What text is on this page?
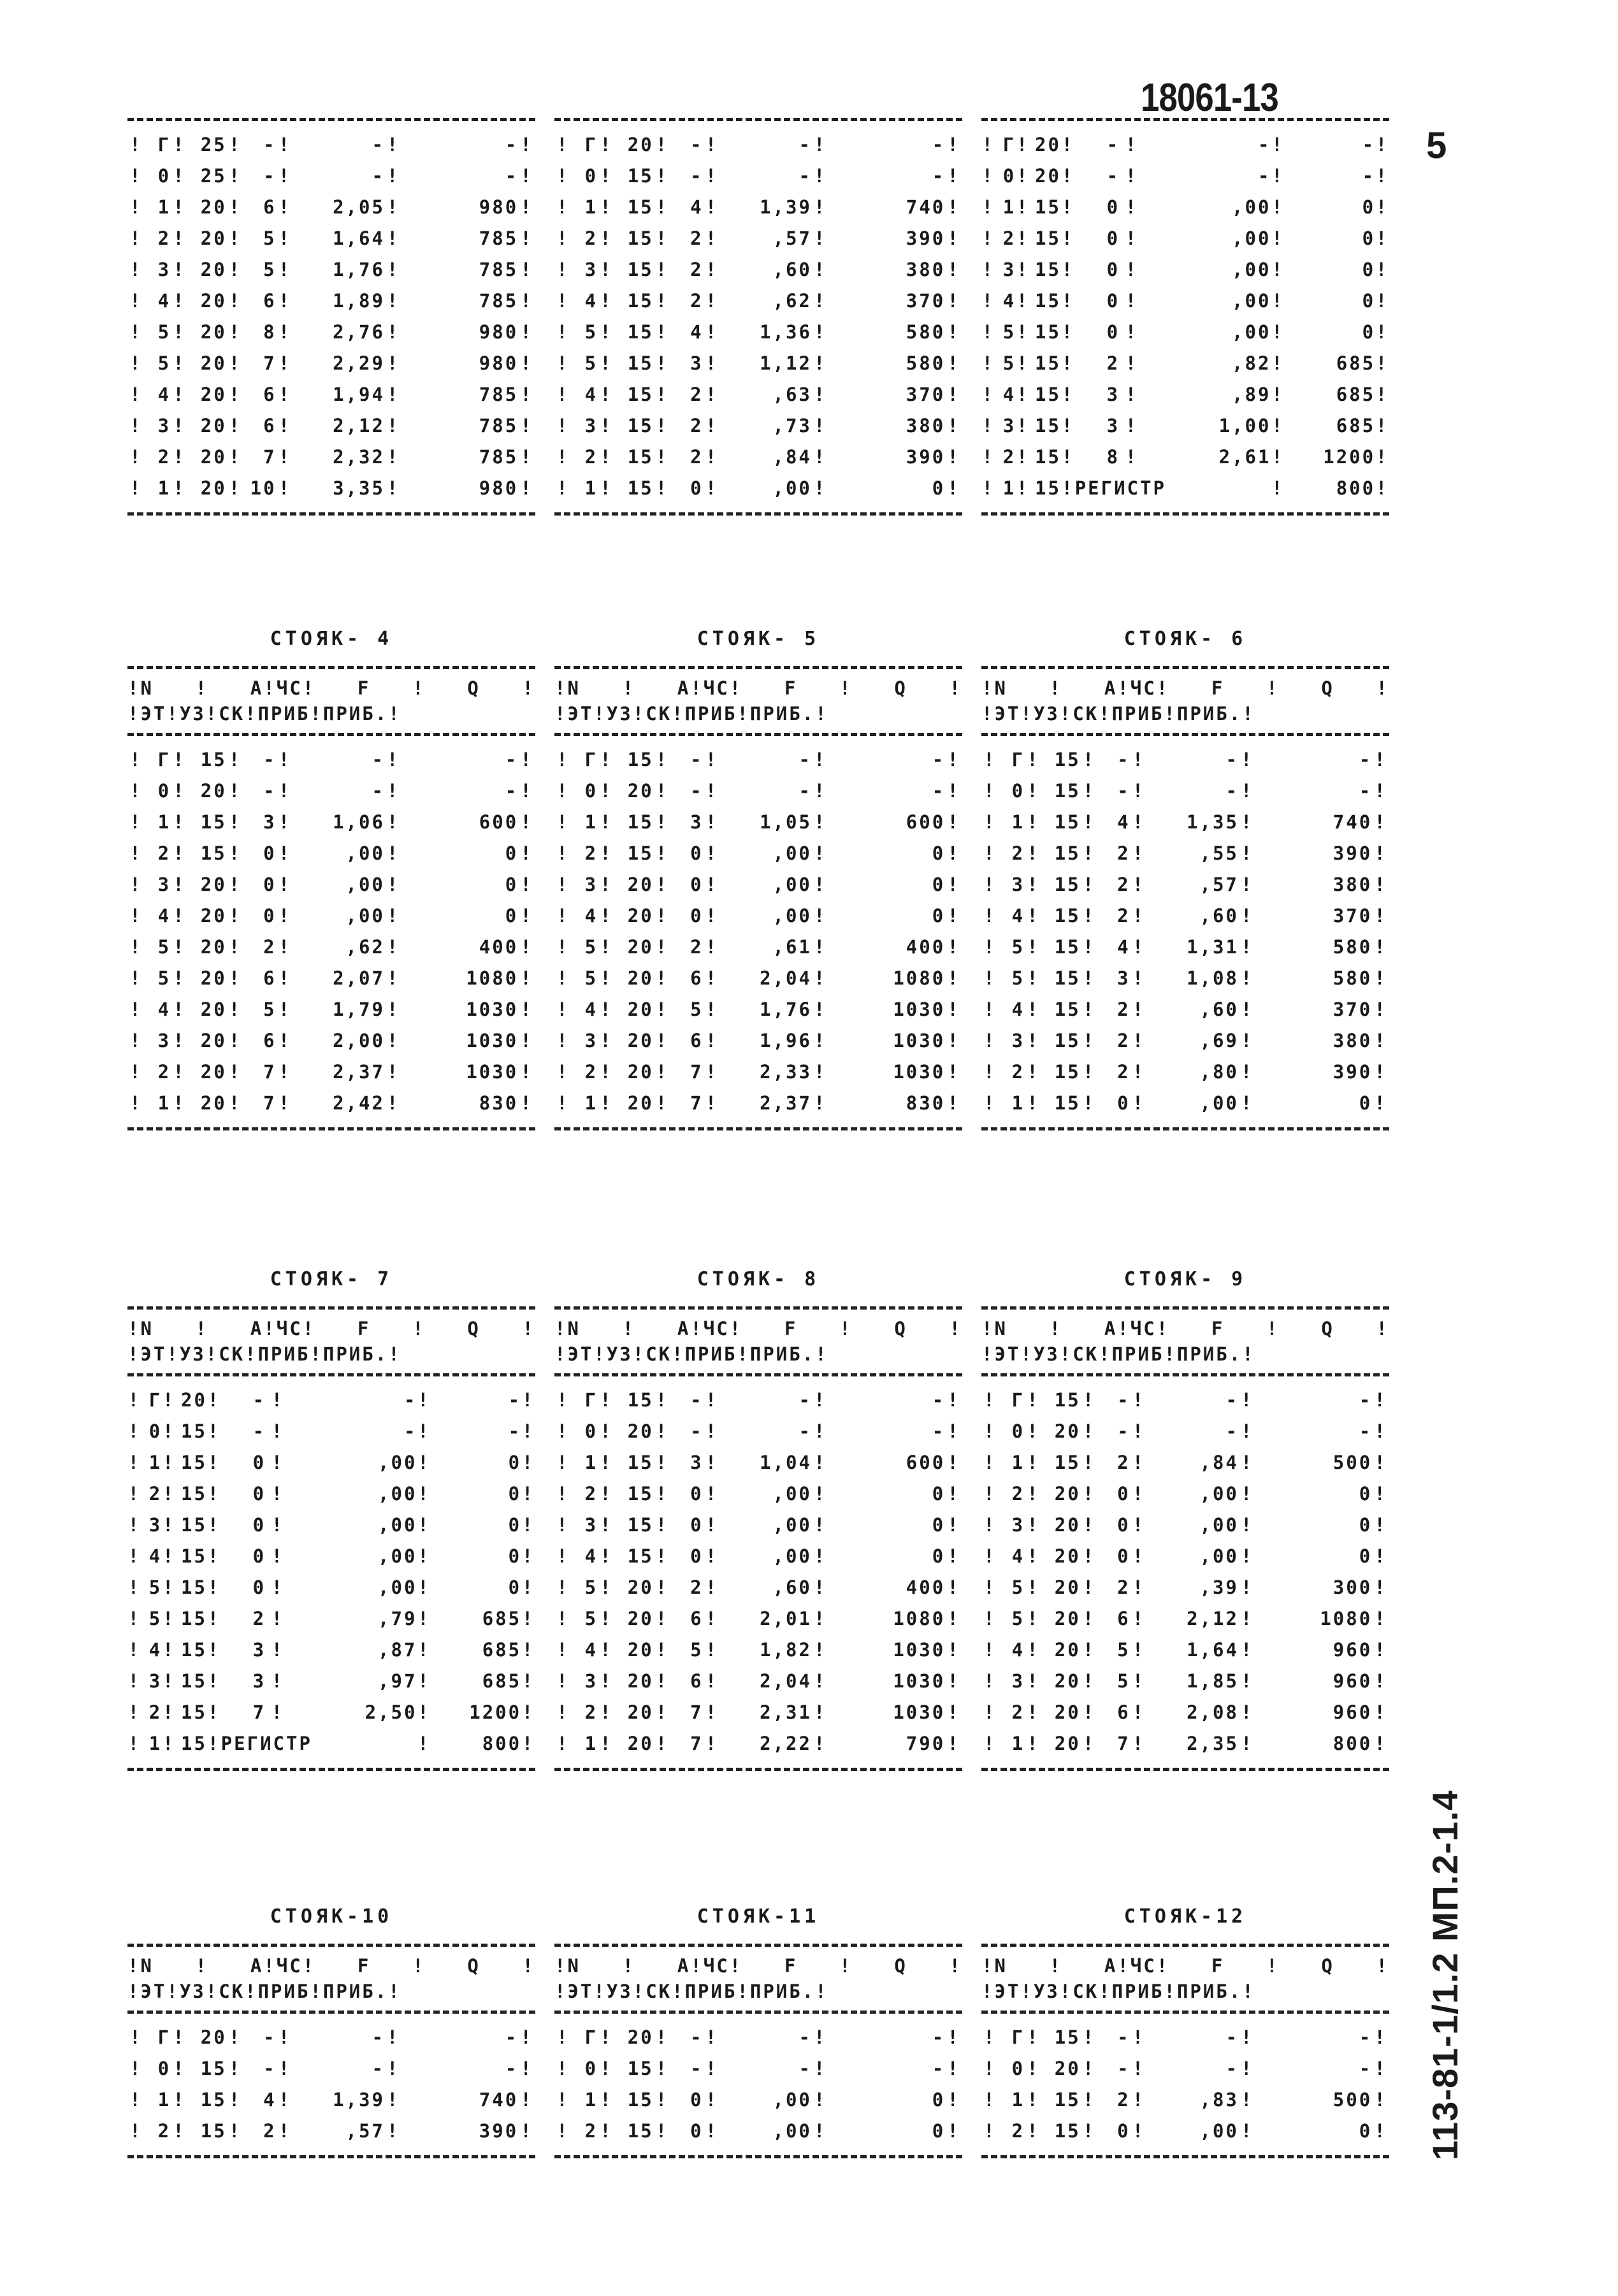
18061-13
5
113-81-1/1.2 МП.2-1.4
!	Г	!	25	!	-	!	-	!	-	!
!	0	!	25	!	-	!	-	!	-	!
!	1	!	20	!	6	!	2,05	!	980	!
!	2	!	20	!	5	!	1,64	!	785	!
!	3	!	20	!	5	!	1,76	!	785	!
!	4	!	20	!	6	!	1,89	!	785	!
!	5	!	20	!	8	!	2,76	!	980	!
!	5	!	20	!	7	!	2,29	!	980	!
!	4	!	20	!	6	!	1,94	!	785	!
!	3	!	20	!	6	!	2,12	!	785	!
!	2	!	20	!	7	!	2,32	!	785	!
!	1	!	20	!	10	!	3,35	!	980	!
!	Г	!	20	!	-	!	-	!	-	!
!	0	!	15	!	-	!	-	!	-	!
!	1	!	15	!	4	!	1,39	!	740	!
!	2	!	15	!	2	!	,57	!	390	!
!	3	!	15	!	2	!	,60	!	380	!
!	4	!	15	!	2	!	,62	!	370	!
!	5	!	15	!	4	!	1,36	!	580	!
!	5	!	15	!	3	!	1,12	!	580	!
!	4	!	15	!	2	!	,63	!	370	!
!	3	!	15	!	2	!	,73	!	380	!
!	2	!	15	!	2	!	,84	!	390	!
!	1	!	15	!	0	!	,00	!	0	!
!	Г	!	20	!	-	!	-	!	-	!
!	0	!	20	!	-	!	-	!	-	!
!	1	!	15	!	0	!	,00	!	0	!
!	2	!	15	!	0	!	,00	!	0	!
!	3	!	15	!	0	!	,00	!	0	!
!	4	!	15	!	0	!	,00	!	0	!
!	5	!	15	!	0	!	,00	!	0	!
!	5	!	15	!	2	!	,82	!	685	!
!	4	!	15	!	3	!	,89	!	685	!
!	3	!	15	!	3	!	1,00	!	685	!
!	2	!	15	!	8	!	2,61	!	1200	!
!	1	!	15	!	РЕГИСТР			!	800	!
СТОЯК- 4
!N ! А!ЧС! F ! Q !
!ЭТ!УЗ!СК!ПРИБ!ПРИБ.!
!	Г	!	15	!	-	!	-	!	-	!
!	0	!	20	!	-	!	-	!	-	!
!	1	!	15	!	3	!	1,06	!	600	!
!	2	!	15	!	0	!	,00	!	0	!
!	3	!	20	!	0	!	,00	!	0	!
!	4	!	20	!	0	!	,00	!	0	!
!	5	!	20	!	2	!	,62	!	400	!
!	5	!	20	!	6	!	2,07	!	1080	!
!	4	!	20	!	5	!	1,79	!	1030	!
!	3	!	20	!	6	!	2,00	!	1030	!
!	2	!	20	!	7	!	2,37	!	1030	!
!	1	!	20	!	7	!	2,42	!	830	!
СТОЯК- 5
!N ! А!ЧС! F ! Q !
!ЭТ!УЗ!СК!ПРИБ!ПРИБ.!
!	Г	!	15	!	-	!	-	!	-	!
!	0	!	20	!	-	!	-	!	-	!
!	1	!	15	!	3	!	1,05	!	600	!
!	2	!	15	!	0	!	,00	!	0	!
!	3	!	20	!	0	!	,00	!	0	!
!	4	!	20	!	0	!	,00	!	0	!
!	5	!	20	!	2	!	,61	!	400	!
!	5	!	20	!	6	!	2,04	!	1080	!
!	4	!	20	!	5	!	1,76	!	1030	!
!	3	!	20	!	6	!	1,96	!	1030	!
!	2	!	20	!	7	!	2,33	!	1030	!
!	1	!	20	!	7	!	2,37	!	830	!
СТОЯК- 6
!N ! А!ЧС! F ! Q !
!ЭТ!УЗ!СК!ПРИБ!ПРИБ.!
!	Г	!	15	!	-	!	-	!	-	!
!	0	!	15	!	-	!	-	!	-	!
!	1	!	15	!	4	!	1,35	!	740	!
!	2	!	15	!	2	!	,55	!	390	!
!	3	!	15	!	2	!	,57	!	380	!
!	4	!	15	!	2	!	,60	!	370	!
!	5	!	15	!	4	!	1,31	!	580	!
!	5	!	15	!	3	!	1,08	!	580	!
!	4	!	15	!	2	!	,60	!	370	!
!	3	!	15	!	2	!	,69	!	380	!
!	2	!	15	!	2	!	,80	!	390	!
!	1	!	15	!	0	!	,00	!	0	!
СТОЯК- 7
!N ! А!ЧС! F ! Q !
!ЭТ!УЗ!СК!ПРИБ!ПРИБ.!
!	Г	!	20	!	-	!	-	!	-	!
!	0	!	15	!	-	!	-	!	-	!
!	1	!	15	!	0	!	,00	!	0	!
!	2	!	15	!	0	!	,00	!	0	!
!	3	!	15	!	0	!	,00	!	0	!
!	4	!	15	!	0	!	,00	!	0	!
!	5	!	15	!	0	!	,00	!	0	!
!	5	!	15	!	2	!	,79	!	685	!
!	4	!	15	!	3	!	,87	!	685	!
!	3	!	15	!	3	!	,97	!	685	!
!	2	!	15	!	7	!	2,50	!	1200	!
!	1	!	15	!	РЕГИСТР			!	800	!
СТОЯК- 8
!N ! А!ЧС! F ! Q !
!ЭТ!УЗ!СК!ПРИБ!ПРИБ.!
!	Г	!	15	!	-	!	-	!	-	!
!	0	!	20	!	-	!	-	!	-	!
!	1	!	15	!	3	!	1,04	!	600	!
!	2	!	15	!	0	!	,00	!	0	!
!	3	!	15	!	0	!	,00	!	0	!
!	4	!	15	!	0	!	,00	!	0	!
!	5	!	20	!	2	!	,60	!	400	!
!	5	!	20	!	6	!	2,01	!	1080	!
!	4	!	20	!	5	!	1,82	!	1030	!
!	3	!	20	!	6	!	2,04	!	1030	!
!	2	!	20	!	7	!	2,31	!	1030	!
!	1	!	20	!	7	!	2,22	!	790	!
СТОЯК- 9
!N ! А!ЧС! F ! Q !
!ЭТ!УЗ!СК!ПРИБ!ПРИБ.!
!	Г	!	15	!	-	!	-	!	-	!
!	0	!	20	!	-	!	-	!	-	!
!	1	!	15	!	2	!	,84	!	500	!
!	2	!	20	!	0	!	,00	!	0	!
!	3	!	20	!	0	!	,00	!	0	!
!	4	!	20	!	0	!	,00	!	0	!
!	5	!	20	!	2	!	,39	!	300	!
!	5	!	20	!	6	!	2,12	!	1080	!
!	4	!	20	!	5	!	1,64	!	960	!
!	3	!	20	!	5	!	1,85	!	960	!
!	2	!	20	!	6	!	2,08	!	960	!
!	1	!	20	!	7	!	2,35	!	800	!
СТОЯК-10
!N ! А!ЧС! F ! Q !
!ЭТ!УЗ!СК!ПРИБ!ПРИБ.!
!	Г	!	20	!	-	!	-	!	-	!
!	0	!	15	!	-	!	-	!	-	!
!	1	!	15	!	4	!	1,39	!	740	!
!	2	!	15	!	2	!	,57	!	390	!
СТОЯК-11
!N ! А!ЧС! F ! Q !
!ЭТ!УЗ!СК!ПРИБ!ПРИБ.!
!	Г	!	20	!	-	!	-	!	-	!
!	0	!	15	!	-	!	-	!	-	!
!	1	!	15	!	0	!	,00	!	0	!
!	2	!	15	!	0	!	,00	!	0	!
СТОЯК-12
!N ! А!ЧС! F ! Q !
!ЭТ!УЗ!СК!ПРИБ!ПРИБ.!
!	Г	!	15	!	-	!	-	!	-	!
!	0	!	20	!	-	!	-	!	-	!
!	1	!	15	!	2	!	,83	!	500	!
!	2	!	15	!	0	!	,00	!	0	!
